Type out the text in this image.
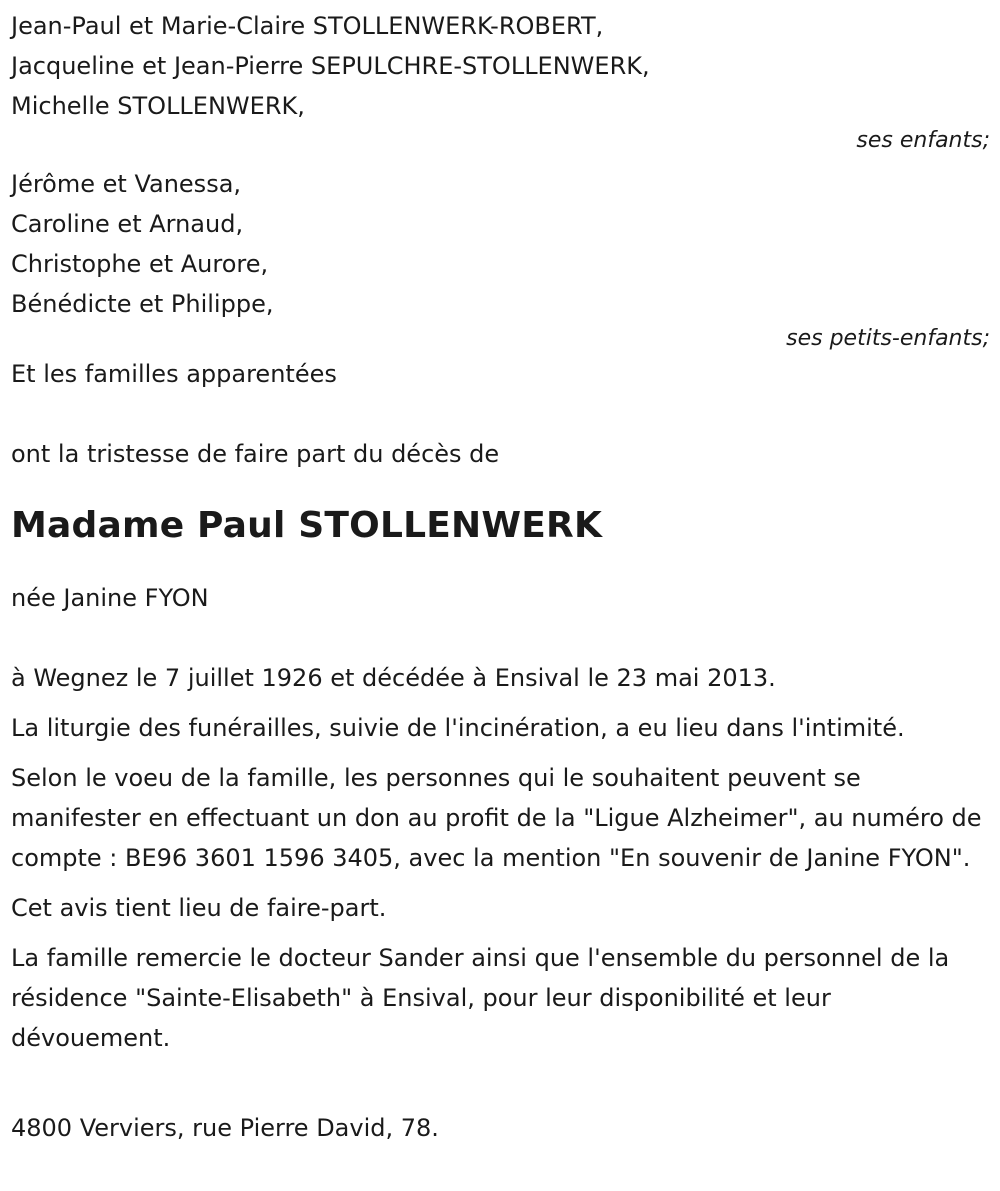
Jean-Paul et Marie-Claire STOLLENWERK-ROBERT,

Jacqueline et Jean-Pierre SEPULCHRE-STOLLENWERK,

Michelle STOLLENWERK,

ses enfants;

Jérôme et Vanessa,

Caroline et Arnaud,

Christophe et Aurore,

Bénédicte et Philippe,

ses petits-enfants;

Et les familles apparentées

ont la tristesse de faire part du décès de

Madame Paul STOLLENWERK

née Janine FYON

à Wegnez le 7 juillet 1926 et décédée à Ensival le 23 mai 2013.

La liturgie des funérailles, suivie de l'incinération, a eu lieu dans l'intimité.

Selon le voeu de la famille, les personnes qui le souhaitent peuvent se manifester en effectuant un don au profit de la "Ligue Alzheimer", au numéro de compte : BE96 3601 1596 3405, avec la mention "En souvenir de Janine FYON".

Cet avis tient lieu de faire-part.

La famille remercie le docteur Sander ainsi que l'ensemble du personnel de la résidence "Sainte-Elisabeth" à Ensival, pour leur disponibilité et leur dévouement.

4800 Verviers, rue Pierre David, 78.
